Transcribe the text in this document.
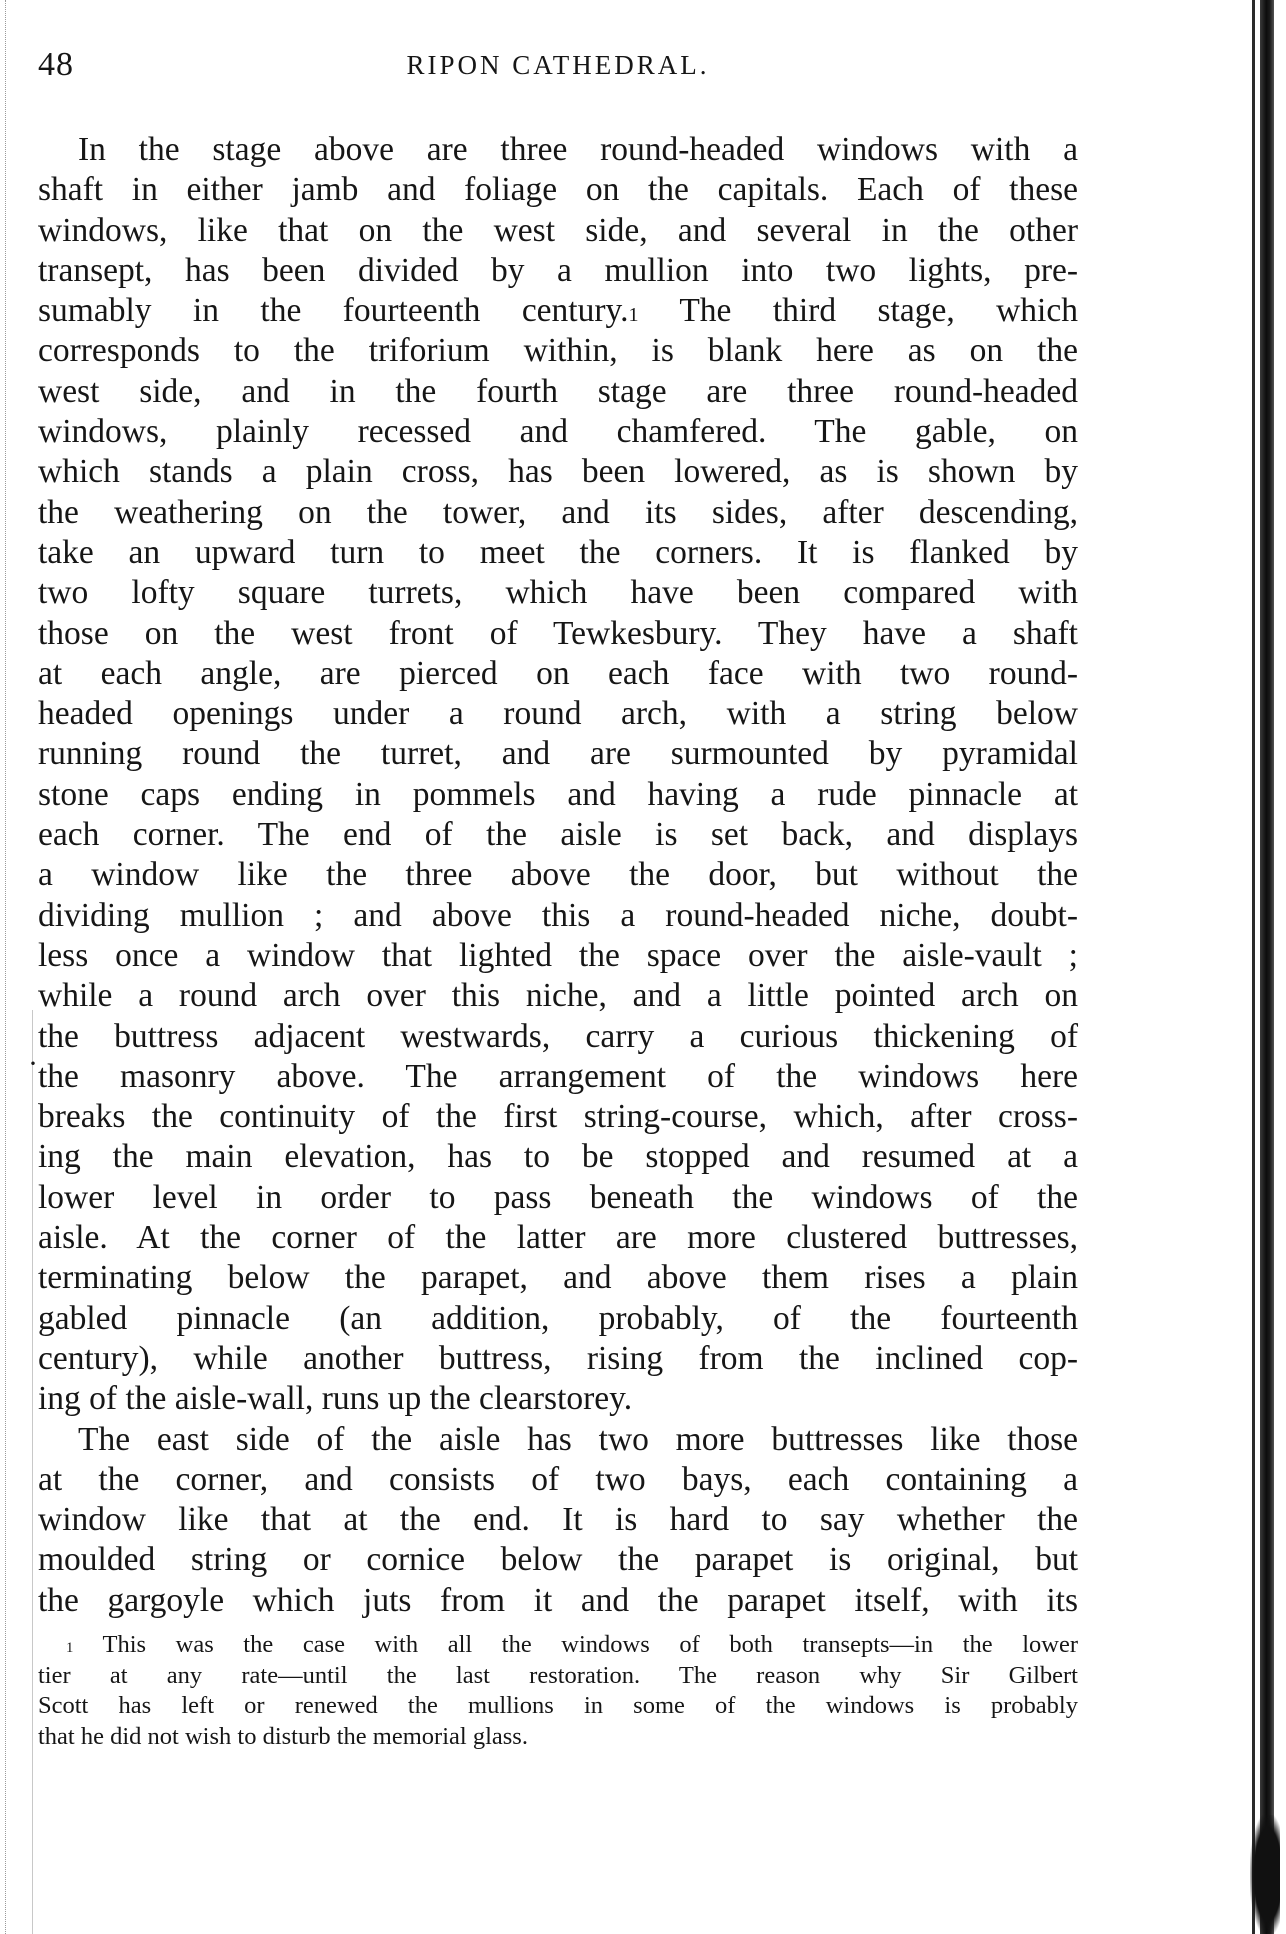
48	RIPON CATHEDRAL.
·
In the stage above are three round-headed windows with a
shaft in either jamb and foliage on the capitals. Each of these
windows, like that on the west side, and several in the other
transept, has been divided by a mullion into two lights, pre-
sumably in the fourteenth century.$^1$ The third stage, which
corresponds to the triforium within, is blank here as on the
west side, and in the fourth stage are three round-headed
windows, plainly recessed and chamfered. The gable, on
which stands a plain cross, has been lowered, as is shown by
the weathering on the tower, and its sides, after descending,
take an upward turn to meet the corners. It is flanked by
two lofty square turrets, which have been compared with
those on the west front of Tewkesbury. They have a shaft
at each angle, are pierced on each face with two round-
headed openings under a round arch, with a string below
running round the turret, and are surmounted by pyramidal
stone caps ending in pommels and having a rude pinnacle at
each corner. The end of the aisle is set back, and displays
a window like the three above the door, but without the
dividing mullion ; and above this a round-headed niche, doubt-
less once a window that lighted the space over the aisle-vault ;
while a round arch over this niche, and a little pointed arch on
the buttress adjacent westwards, carry a curious thickening of
the masonry above. The arrangement of the windows here
breaks the continuity of the first string-course, which, after cross-
ing the main elevation, has to be stopped and resumed at a
lower level in order to pass beneath the windows of the
aisle. At the corner of the latter are more clustered buttresses,
terminating below the parapet, and above them rises a plain
gabled pinnacle (an addition, probably, of the fourteenth
century), while another buttress, rising from the inclined cop-
ing of the aisle-wall, runs up the clearstorey.
The east side of the aisle has two more buttresses like those
at the corner, and consists of two bays, each containing a
window like that at the end. It is hard to say whether the
moulded string or cornice below the parapet is original, but
the gargoyle which juts from it and the parapet itself, with its
$^1$ This was the case with all the windows of both transepts—in the lower
tier at any rate—until the last restoration. The reason why Sir Gilbert
Scott has left or renewed the mullions in some of the windows is probably
that he did not wish to disturb the memorial glass.
